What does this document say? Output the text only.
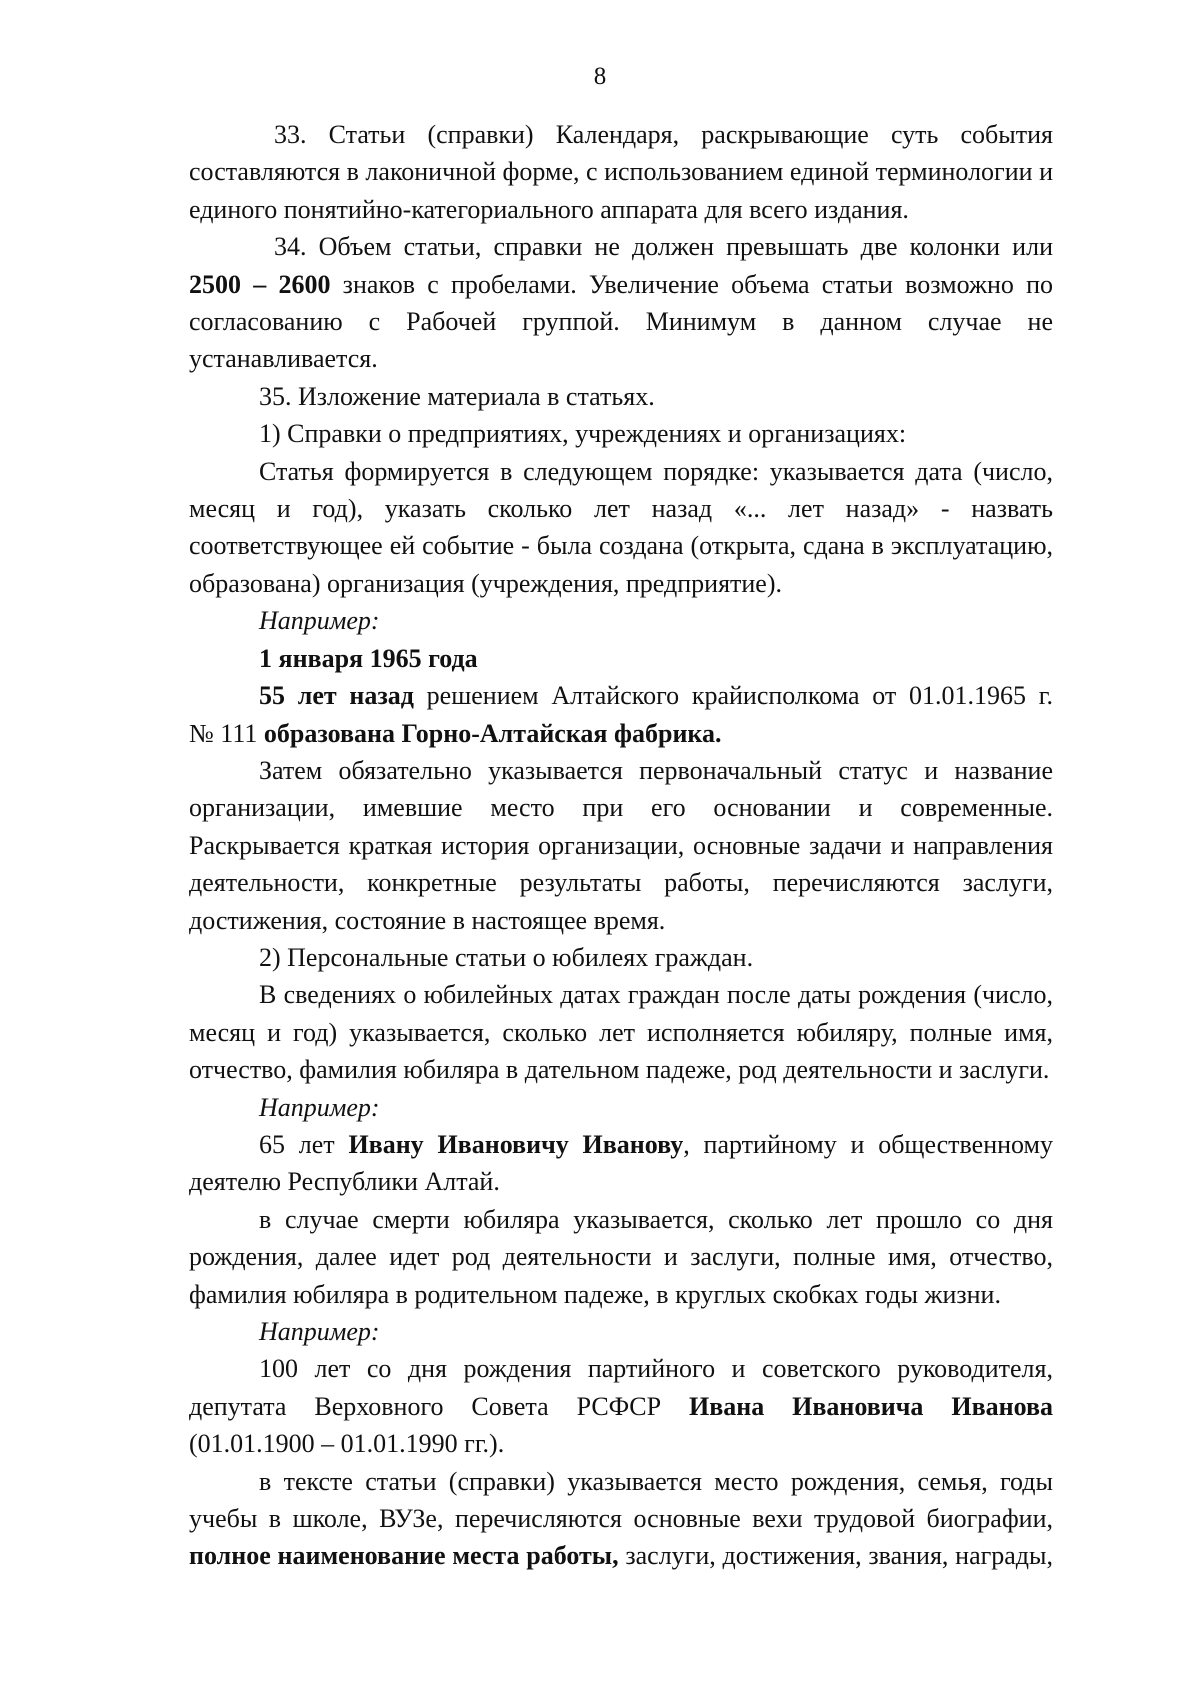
8

33. Статьи (справки) Календаря, раскрывающие суть события составляются в лаконичной форме, с использованием единой терминологии и единого понятийно-категориального аппарата для всего издания.

34. Объем статьи, справки не должен превышать две колонки или

2500 – 2600 знаков с пробелами. Увеличение объема статьи возможно по

согласованию с Рабочей группой. Минимум в данном случае не

устанавливается.

35. Изложение материала в статьях.

1) Справки о предприятиях, учреждениях и организациях:

Статья формируется в следующем порядке: указывается дата (число, месяц и год), указать сколько лет назад «... лет назад» - назвать соответствующее ей событие - была создана (открыта, сдана в эксплуатацию, образована) организация (учреждения, предприятие).

Например:

1 января 1965 года

55 лет назад решением Алтайского крайисполкома от 01.01.1965 г.

№ 111 образована Горно-Алтайская фабрика.

Затем обязательно указывается первоначальный статус и название организации, имевшие место при его основании и современные. Раскрывается краткая история организации, основные задачи и направления деятельности, конкретные результаты работы, перечисляются заслуги, достижения, состояние в настоящее время.

2) Персональные статьи о юбилеях граждан.

В сведениях о юбилейных датах граждан после даты рождения (число, месяц и год) указывается, сколько лет исполняется юбиляру, полные имя, отчество, фамилия юбиляра в дательном падеже, род деятельности и заслуги.

Например:

65 лет Ивану Ивановичу Иванову, партийному и общественному деятелю Республики Алтай.

в случае смерти юбиляра указывается, сколько лет прошло со дня рождения, далее идет род деятельности и заслуги, полные имя, отчество, фамилия юбиляра в родительном падеже, в круглых скобках годы жизни.

Например:

100 лет со дня рождения партийного и советского руководителя, депутата Верховного Совета РСФСР Ивана Ивановича Иванова (01.01.1900 – 01.01.1990 гг.).

в тексте статьи (справки) указывается место рождения, семья, годы учебы в школе, ВУЗе, перечисляются основные вехи трудовой биографии, полное наименование места работы, заслуги, достижения, звания, награды,
